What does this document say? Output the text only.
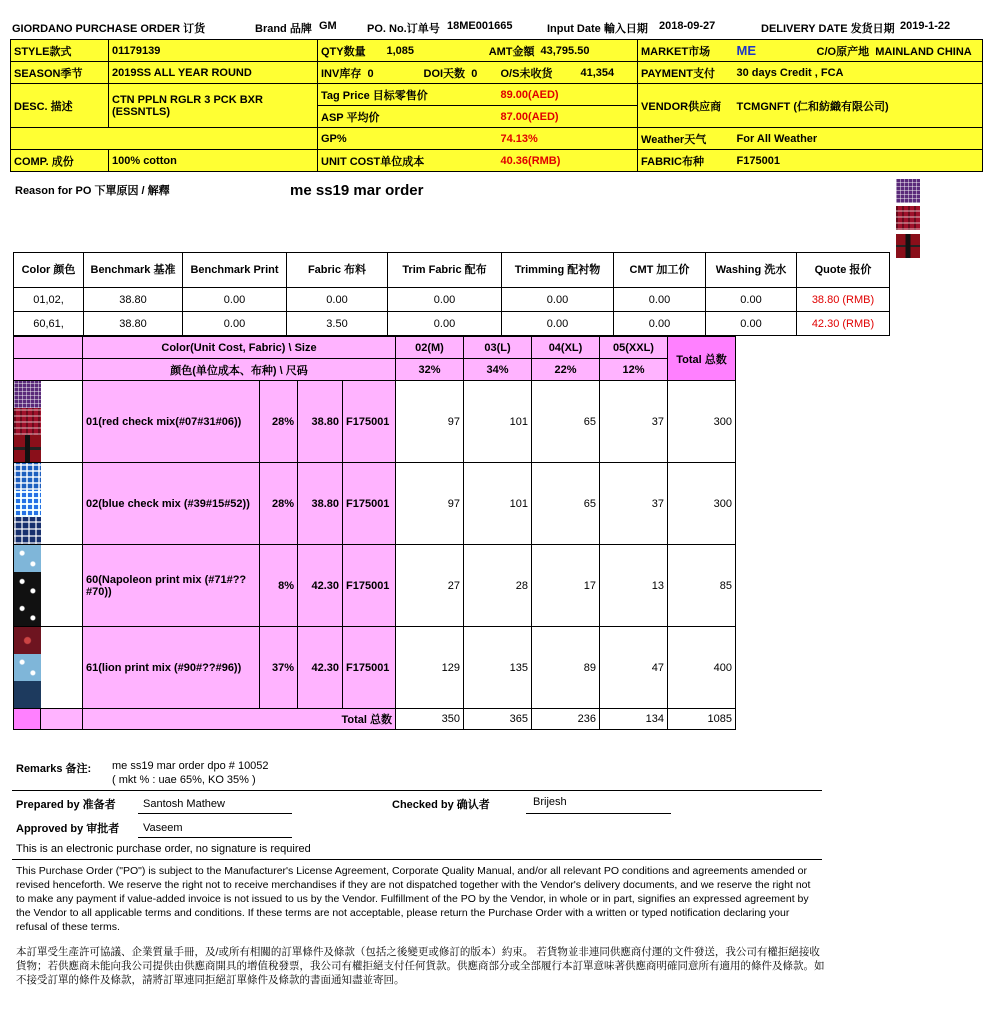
GIORDANO PURCHASE ORDER 订货	Brand 品牌 GM	PO. No.订单号 18ME001665	Input Date 輸入日期 2018-09-27	DELIVERY DATE 发货日期 2019-1-22
STYLE款式	01179139	QTY数量	1,085	AMT金額		43,795.50		MARKET市场	ME	C/O原产地 MAINLAND CHINA
SEASON季节	2019SS ALL YEAR ROUND	INV库存 0	DOI天数 0		O/S未收货		41,354	PAYMENT支付	30 days Credit , FCA	
DESC. 描述	CTN PPLN RGLR 3 PCK BXR (ESSNTLS)	Tag Price 目标零售价			89.00(AED)			VENDOR供应商	TCMGNFT (仁和紡織有限公司)	
		ASP 平均价			87.00(AED)					
		GP%			74.13%			Weather天气	For All Weather	
COMP. 成份	100% cotton	UNIT COST单位成本			40.36(RMB)			FABRIC布种	F175001	
Reason for PO 下單原因 / 解釋	me ss19 mar order
Color 颜色	Benchmark 基准	Benchmark Print	Fabric 布料	Trim Fabric 配布	Trimming 配衬物	CMT 加工价	Washing 洗水	Quote 报价
01,02,	38.80	0.00	0.00	0.00	0.00	0.00	0.00	38.80 (RMB)
60,61,	38.80	0.00	3.50	0.00	0.00	0.00	0.00	42.30 (RMB)
		Color(Unit Cost, Fabric) \ Size				02(M)	03(L)	04(XL)	05(XXL)	Total 总数
		颜色(单位成本、布种) \ 尺码				32%	34%	22%	12%	

		01(red check mix(#07#31#06))	28%	38.80	F175001	97	101	65	37	300

		02(blue check mix (#39#15#52))	28%	38.80	F175001	97	101	65	37	300

		60(Napoleon print mix (#71#?? #70))	8%	42.30	F175001	27	28	17	13	85

		61(lion print mix (#90#??#96))	37%	42.30	F175001	129	135	89	47	400
		Total 总数				350	365	236	134	1085
Remarks 备注: me ss19 mar order dpo # 10052
( mkt % : uae 65%, KO 35% )
Prepared by 准备者 Santosh Mathew	Checked by 确认者	Brijesh
Approved by 审批者 Vaseem
This is an electronic purchase order, no signature is required
This Purchase Order ("PO") is subject to the Manufacturer's License Agreement, Corporate Quality Manual, and/or all relevant PO conditions and agreements amended or revised henceforth. We reserve the right not to receive merchandises if they are not dispatched together with the Vendor's delivery documents, and we reserve the right not to make any payment if value-added invoice is not issued to us by the Vendor. Fulfillment of the PO by the Vendor, in whole or in part, signifies an expressed agreement by the Vendor to all applicable terms and conditions. If these terms are not acceptable, please return the Purchase Order with a written or typed notification declaring your refusal of these terms.
本訂單受生產許可協議、企業質量手冊，及/或所有相關的訂單條件及條款（包括之後變更或修訂的版本）約束。 若貨物並非連同供應商付運的文件發送，我公司有權拒絕接收貨物；若供應商未能向我公司提供由供應商開具的增值稅發票，我公司有權拒絕支付任何貨款。供應商部分或全部履行本訂單意味著供應商明確同意所有適用的條件及條款。如不接受訂單的條件及條款，請將訂單連同拒絕訂單條件及條款的書面通知盡並寄回。
